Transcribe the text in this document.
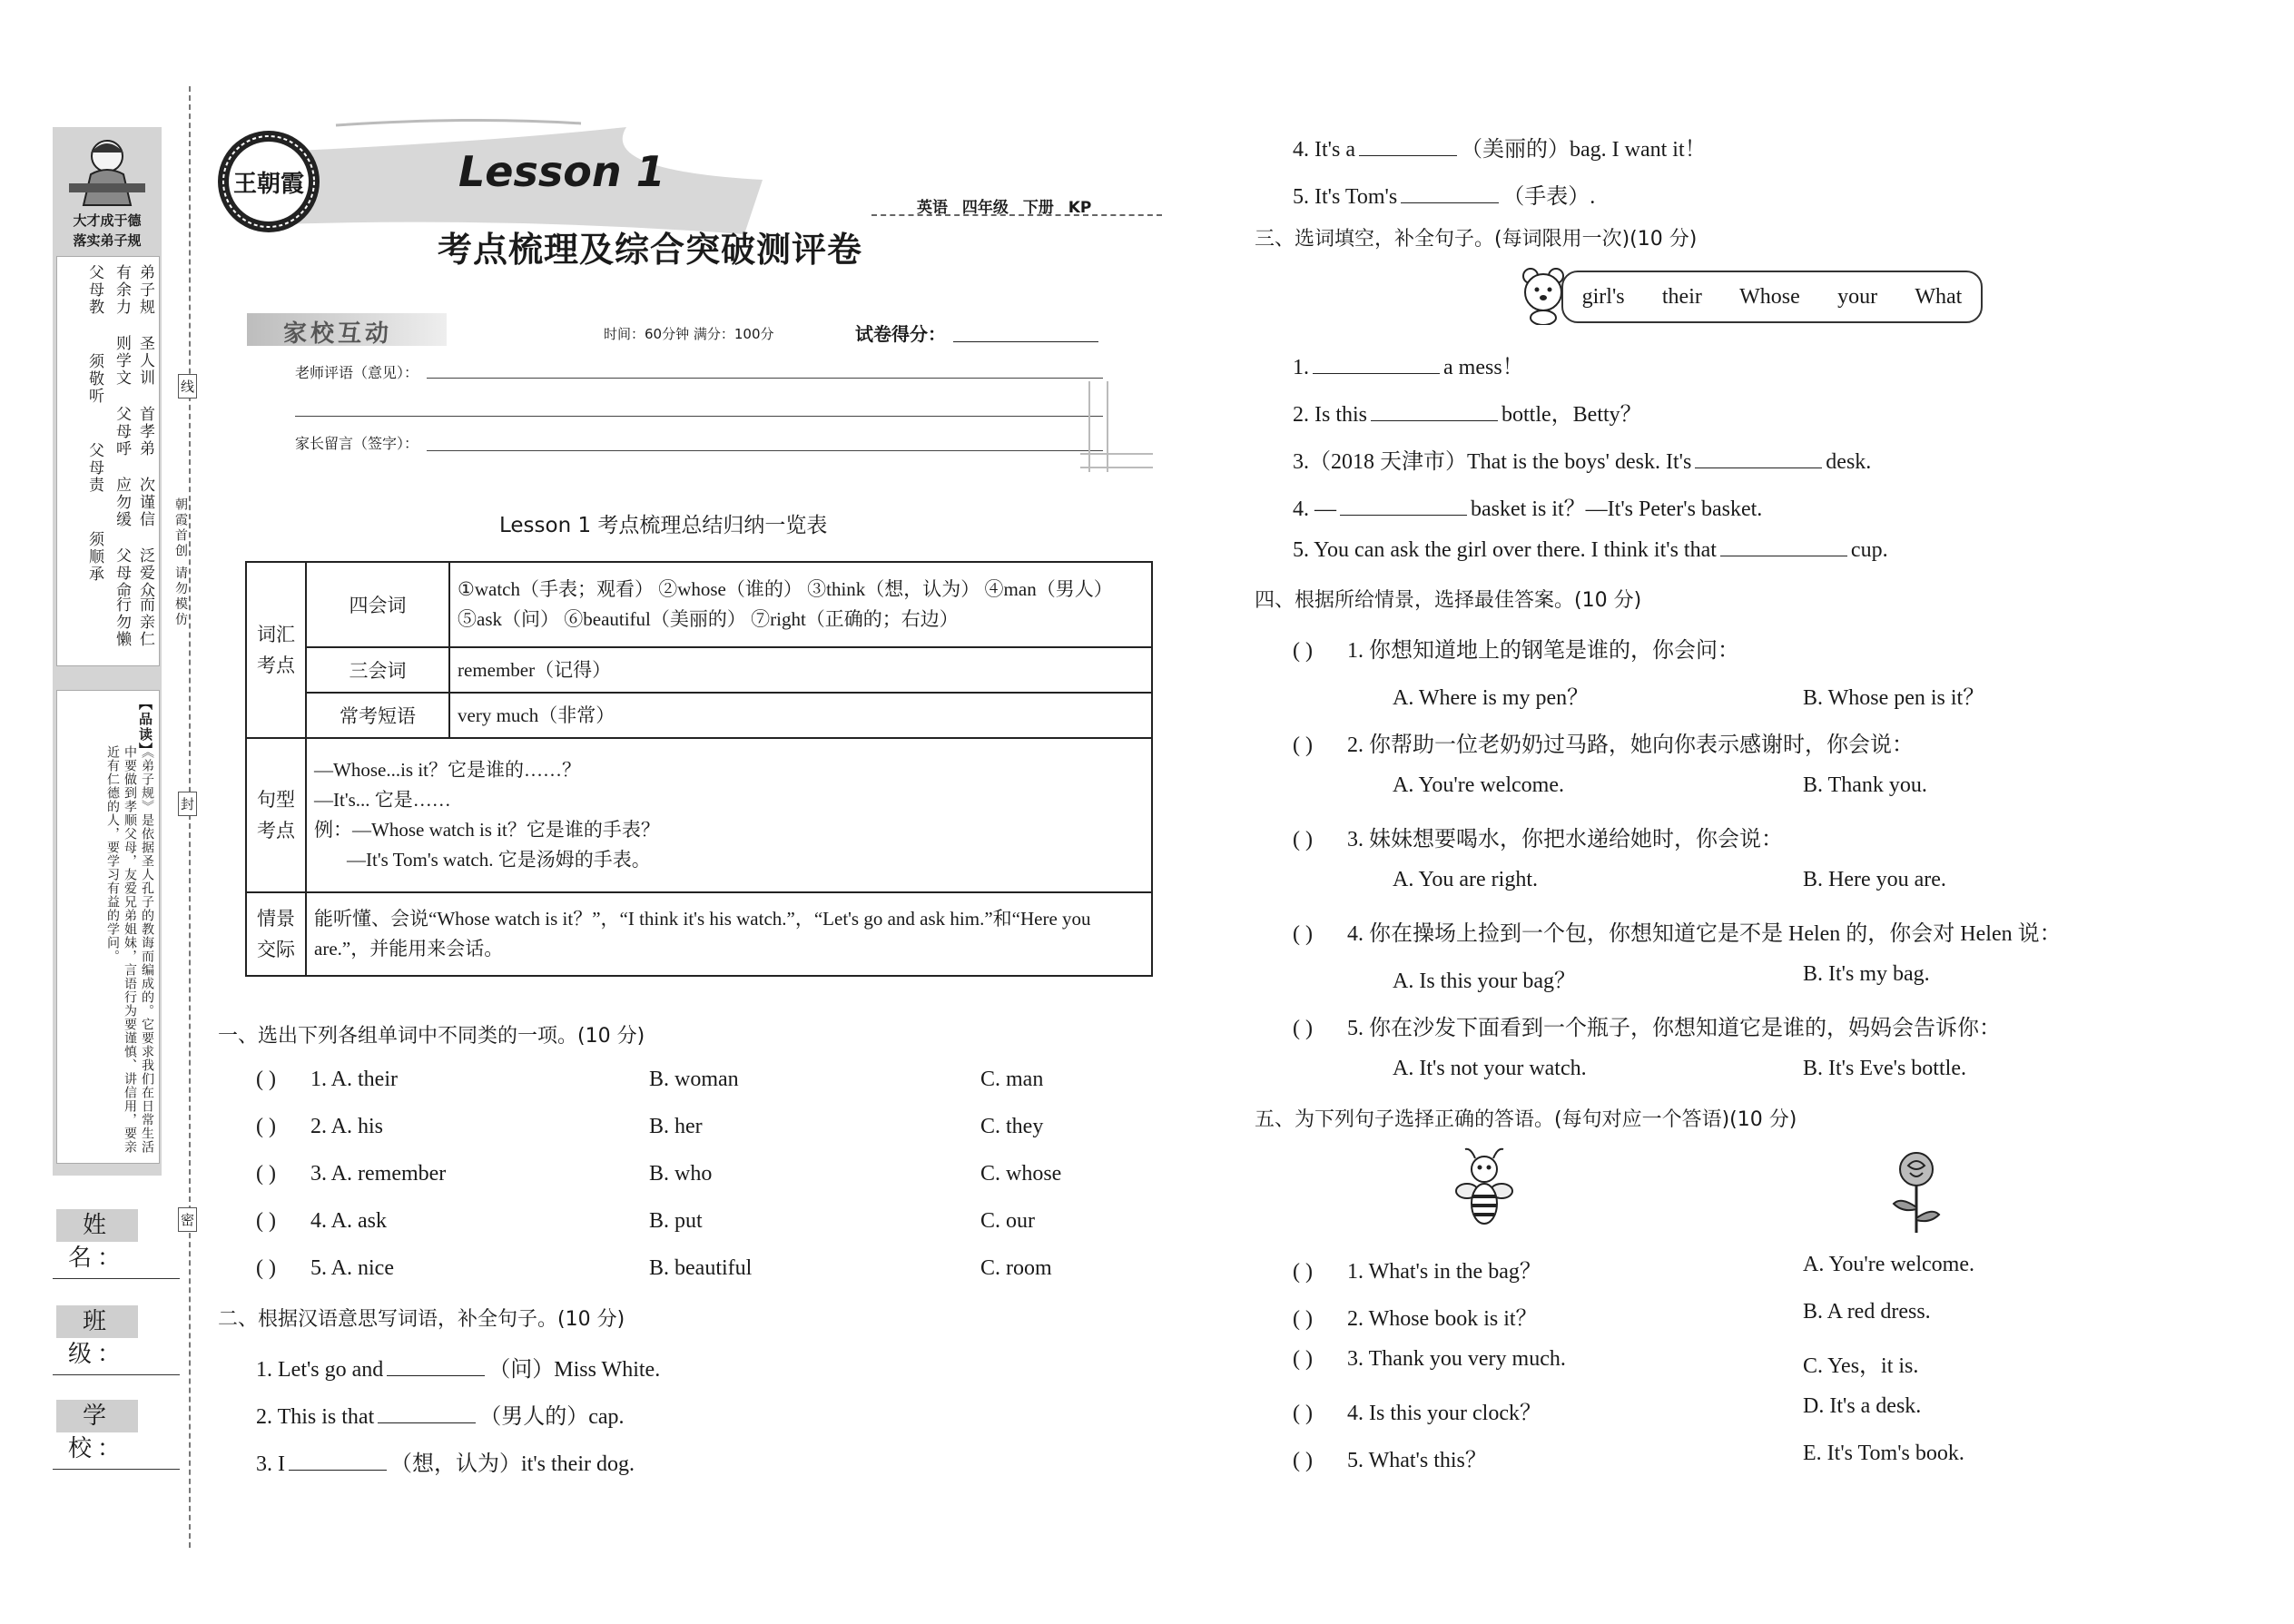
大才成于德
落实弟子规
弟子规
圣人训
首孝弟
次谨信
泛爱众
而亲仁
有余力
则学文
父母呼
应勿缓
父母命
行勿懒
父母教
须敬听
父母责
须顺承
【品读】
《弟子规》是依据圣人孔子的教诲而编成的。它要求我们在日常生活中要做到孝顺父母，友爱兄弟姐妹，言语行为要谨慎、讲信用，要亲近有仁德的人，要学习有益的学问。
姓 名：
班 级：
学 校：
线
封
密
朝霞首创 请勿模仿
王朝霞	Lesson 1
考点梳理及综合突破测评卷
英语 四年级 下册 KP
家校互动	时间：60分钟 满分：100分	试卷得分：
老师评语（意见）：
家长留言（签字）：
Lesson 1 考点梳理总结归纳一览表
词汇考点	四会词	①watch（手表；观看） ②whose（谁的） ③think（想，认为） ④man（男人） ⑤ask（问） ⑥beautiful（美丽的） ⑦right（正确的；右边）
	三会词	remember（记得）
	常考短语	very much（非常）
句型考点	—Whose...is it？它是谁的……？
—It's... 它是……
例：—Whose watch is it？它是谁的手表？
—It's Tom's watch. 它是汤姆的手表。	

情景交际	能听懂、会说“Whose watch is it？”，“I think it's his watch.”，“Let's go and ask him.”和“Here you are.”，并能用来会话。	
一、选出下列各组单词中不同类的一项。(10 分)
( ) 1. A. their	B. woman	C. man
( ) 2. A. his	B. her	C. they
( ) 3. A. remember	B. who	C. whose
( ) 4. A. ask	B. put	C. our
( ) 5. A. nice	B. beautiful	C. room
二、根据汉语意思写词语，补全句子。(10 分)
1. Let's go and	（问）Miss White.
2. This is that	（男人的）cap.
3. I	（想，认为）it's their dog.
4. It's a	（美丽的）bag. I want it！
5. It's Tom's	（手表）.
三、选词填空，补全句子。(每词限用一次)(10 分)
girl's their Whose your What
1.	a mess！
2. Is this	bottle，Betty？
3.（2018 天津市）That is the boys' desk. It's	desk.
4. —	basket is it？—It's Peter's basket.
5. You can ask the girl over there. I think it's that	cup.
四、根据所给情景，选择最佳答案。(10 分)
( ) 1. 你想知道地上的钢笔是谁的，你会问：
A. Where is my pen？	B. Whose pen is it？
( ) 2. 你帮助一位老奶奶过马路，她向你表示感谢时，你会说：
A. You're welcome.	B. Thank you.
( ) 3. 妹妹想要喝水，你把水递给她时，你会说：
A. You are right.	B. Here you are.
( ) 4. 你在操场上捡到一个包，你想知道它是不是 Helen 的，你会对 Helen 说：
A. Is this your bag？	B. It's my bag.
( ) 5. 你在沙发下面看到一个瓶子，你想知道它是谁的，妈妈会告诉你：
A. It's not your watch.	B. It's Eve's bottle.
五、为下列句子选择正确的答语。(每句对应一个答语)(10 分)
( ) 1. What's in the bag？	A. You're welcome.
( ) 2. Whose book is it？	B. A red dress.
( ) 3. Thank you very much.	C. Yes，it is.
( ) 4. Is this your clock？	D. It's a desk.
( ) 5. What's this？	E. It's Tom's book.
